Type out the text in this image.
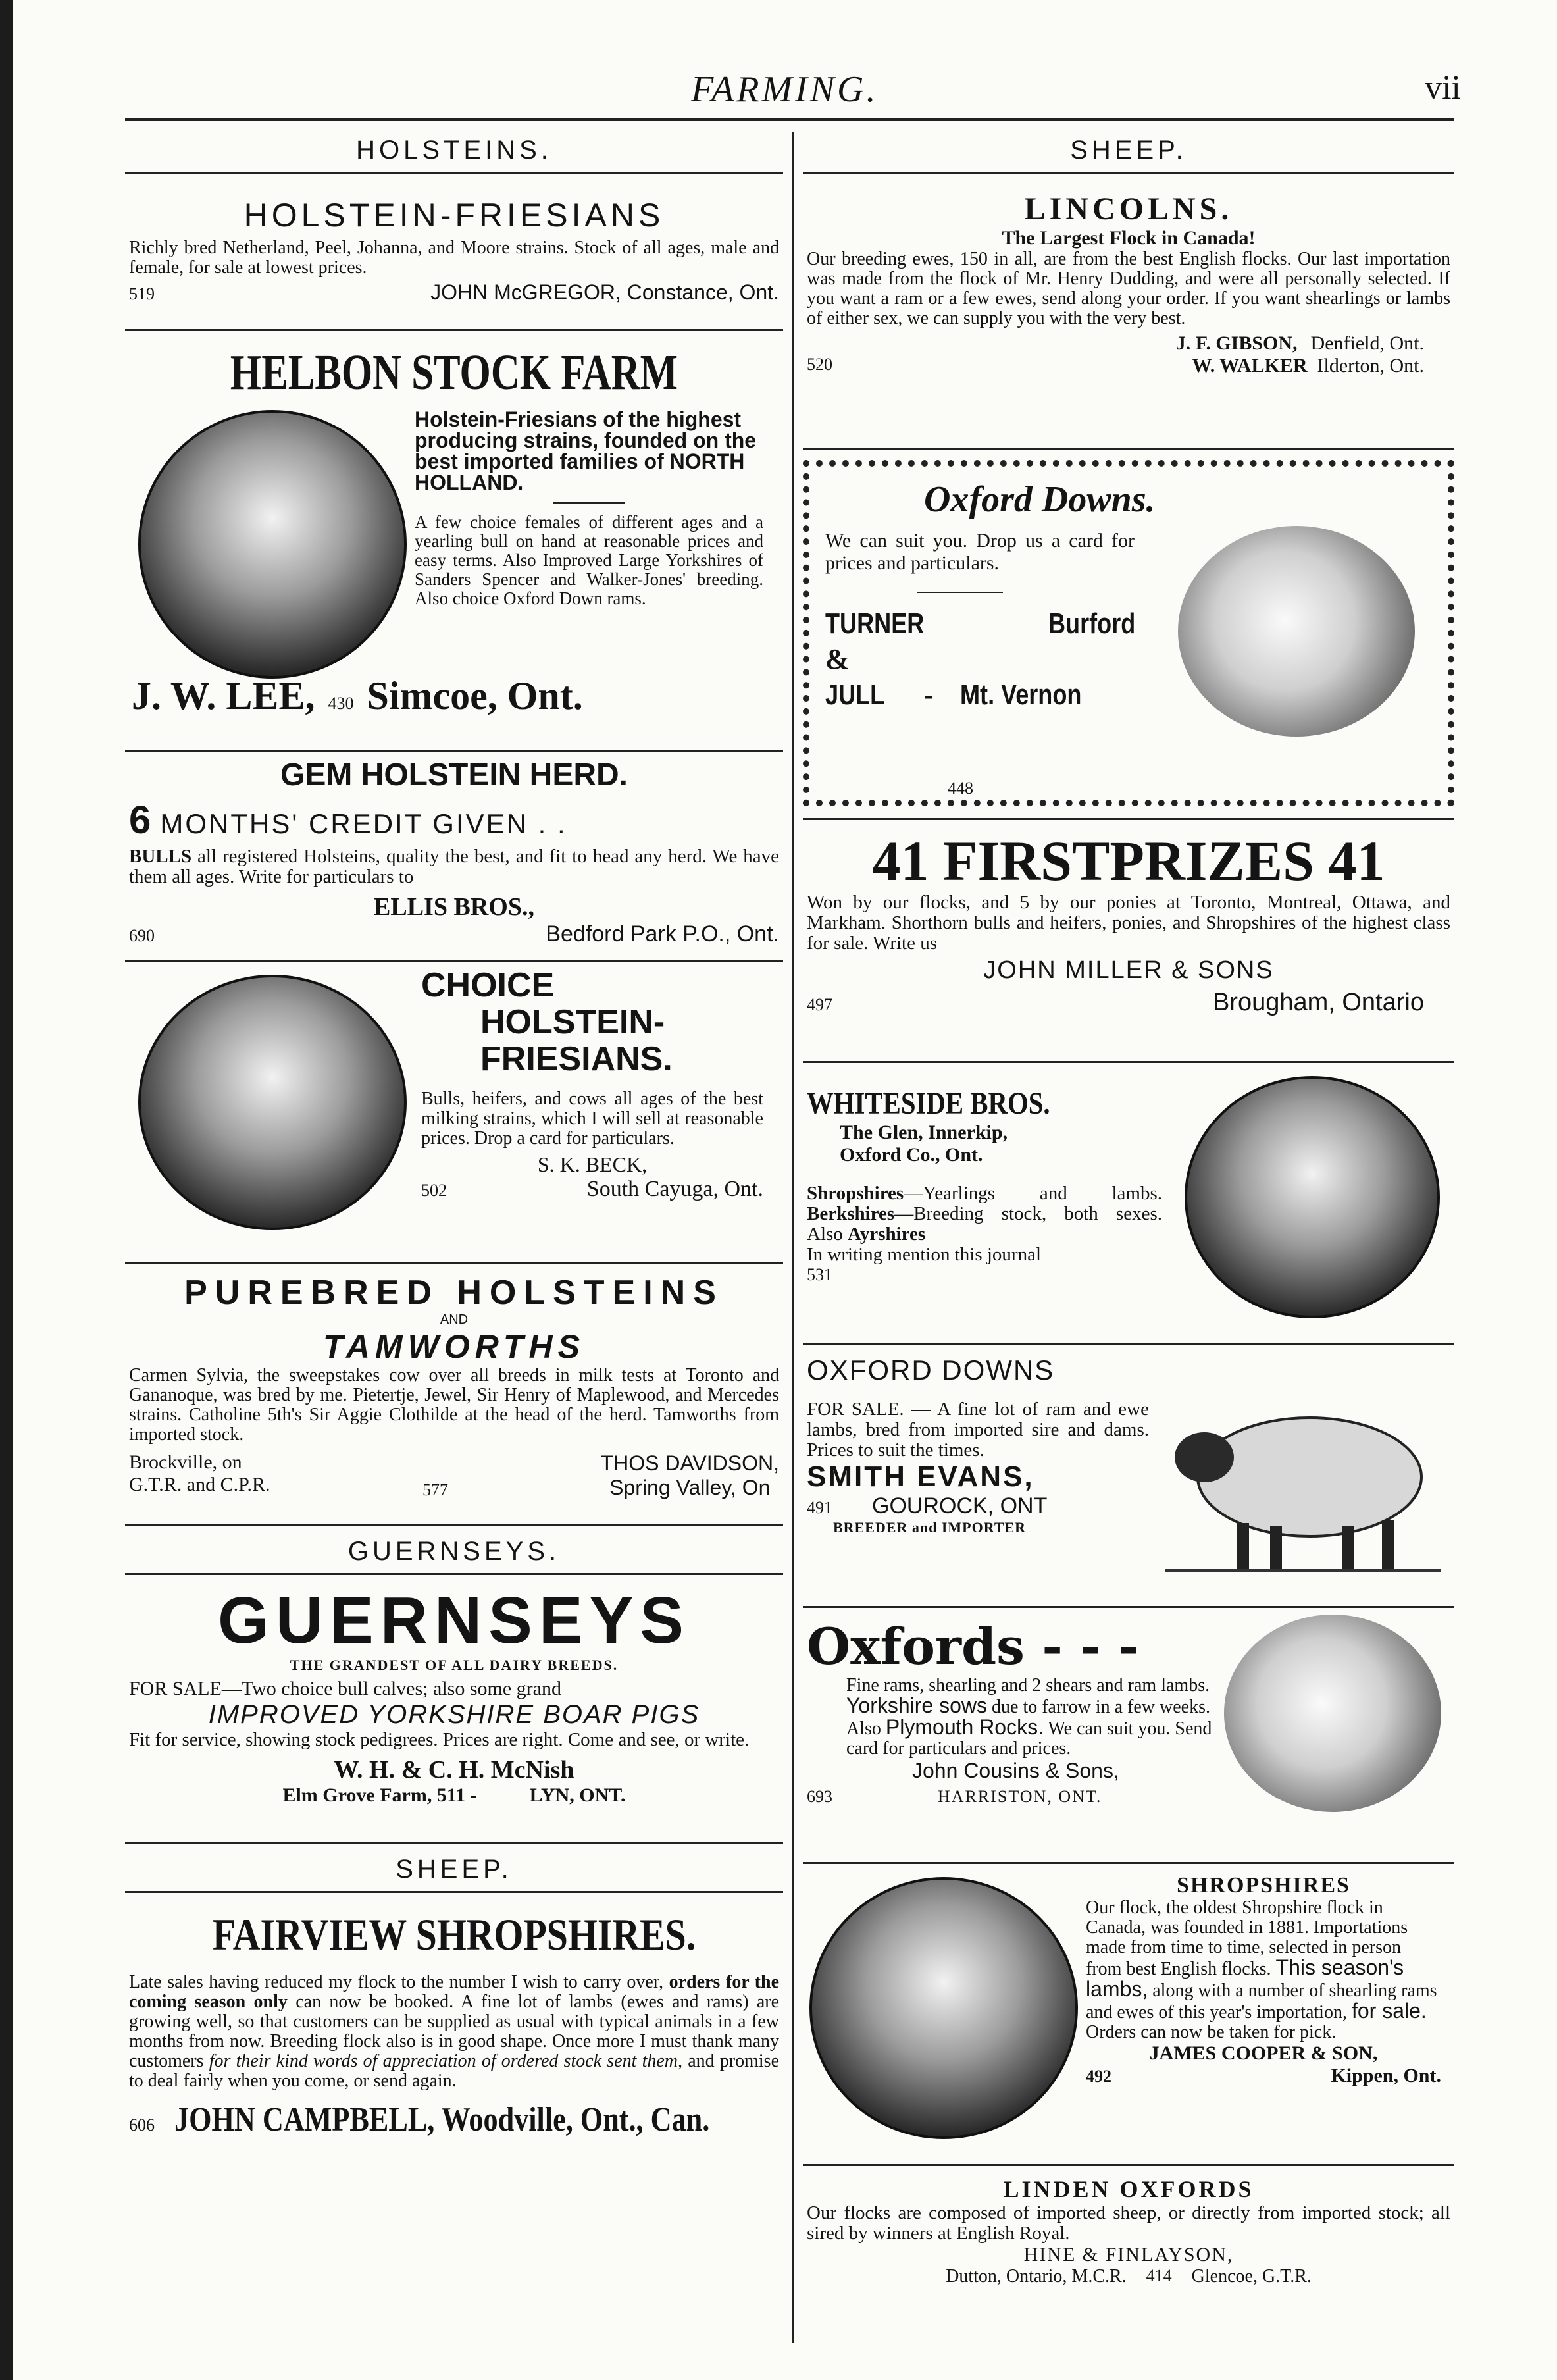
FARMING.	vii
HOLSTEINS.
HOLSTEIN-FRIESIANS
Richly bred Netherland, Peel, Johanna, and Moore strains. Stock of all ages, male and female, for sale at lowest prices.
519	JOHN McGREGOR, Constance, Ont.
HELBON STOCK FARM
Holstein-Friesians of the highest producing strains, founded on the best imported families of NORTH HOLLAND.
A few choice females of different ages and a yearling bull on hand at reasonable prices and easy terms. Also Improved Large Yorkshires of Sanders Spencer and Walker-Jones' breeding. Also choice Oxford Down rams.
J. W. LEE, 430 Simcoe, Ont.
GEM HOLSTEIN HERD.
6 MONTHS' CREDIT GIVEN . .
BULLS all registered Holsteins, quality the best, and fit to head any herd. We have them all ages. Write for particulars to
ELLIS BROS.,
690	Bedford Park P.O., Ont.
CHOICE
HOLSTEIN-
FRIESIANS.
Bulls, heifers, and cows all ages of the best milking strains, which I will sell at reasonable prices. Drop a card for particulars.
S. K. BECK,
502	South Cayuga, Ont.
PUREBRED HOLSTEINS
AND
TAMWORTHS
Carmen Sylvia, the sweepstakes cow over all breeds in milk tests at Toronto and Gananoque, was bred by me. Pietertje, Jewel, Sir Henry of Maplewood, and Mercedes strains. Catholine 5th's Sir Aggie Clothilde at the head of the herd. Tamworths from imported stock.
Brockville, on
G.T.R. and C.P.R.	577
THOS DAVIDSON,
Spring Valley, On
GUERNSEYS.
GUERNSEYS
THE GRANDEST OF ALL DAIRY BREEDS.
FOR SALE—Two choice bull calves; also some grand
IMPROVED YORKSHIRE BOAR PIGS
Fit for service, showing stock pedigrees. Prices are right. Come and see, or write.
W. H. & C. H. McNish
Elm Grove Farm, 511 -	LYN, ONT.
SHEEP.
FAIRVIEW SHROPSHIRES.
Late sales having reduced my flock to the number I wish to carry over, orders for the coming season only can now be booked. A fine lot of lambs (ewes and rams) are growing well, so that customers can be supplied as usual with typical animals in a few months from now. Breeding flock also is in good shape. Once more I must thank many customers for their kind words of appreciation of ordered stock sent them, and promise to deal fairly when you come, or send again.
606 JOHN CAMPBELL, Woodville, Ont., Can.
SHEEP.
LINCOLNS.
The Largest Flock in Canada!
Our breeding ewes, 150 in all, are from the best English flocks. Our last importation was made from the flock of Mr. Henry Dudding, and were all personally selected. If you want a ram or a few ewes, send along your order. If you want shearlings or lambs of either sex, we can supply you with the very best.
J. F. GIBSON, Denfield, Ont.
520	W. WALKER Ilderton, Ont.
Oxford Downs.
We can suit you. Drop us a card for prices and particulars.
TURNER	Burford
&
JULL - Mt. Vernon
448
41 FIRSTPRIZES 41
Won by our flocks, and 5 by our ponies at Toronto, Montreal, Ottawa, and Markham. Shorthorn bulls and heifers, ponies, and Shropshires of the highest class for sale. Write us
JOHN MILLER & SONS
497	Brougham, Ontario
WHITESIDE BROS.
The Glen, Innerkip,
Oxford Co., Ont.
Shropshires—Yearlings and lambs. Berkshires—Breeding stock, both sexes. Also Ayrshires
In writing mention this journal
531
OXFORD DOWNS
FOR SALE. — A fine lot of ram and ewe lambs, bred from imported sire and dams. Prices to suit the times.
SMITH EVANS,
491 GOUROCK, ONT
BREEDER and IMPORTER
Oxfords - - -
Fine rams, shearling and 2 shears and ram lambs. Yorkshire sows due to farrow in a few weeks. Also Plymouth Rocks. We can suit you. Send card for particulars and prices.
John Cousins & Sons,
693	HARRISTON, ONT.
SHROPSHIRES
Our flock, the oldest Shropshire flock in Canada, was founded in 1881. Importations made from time to time, selected in person from best English flocks. This season's lambs, along with a number of shearling rams and ewes of this year's importation, for sale. Orders can now be taken for pick.
JAMES COOPER & SON,
492	Kippen, Ont.
LINDEN OXFORDS
Our flocks are composed of imported sheep, or directly from imported stock; all sired by winners at English Royal.
HINE & FINLAYSON,
Dutton, Ontario, M.C.R. 414 Glencoe, G.T.R.
